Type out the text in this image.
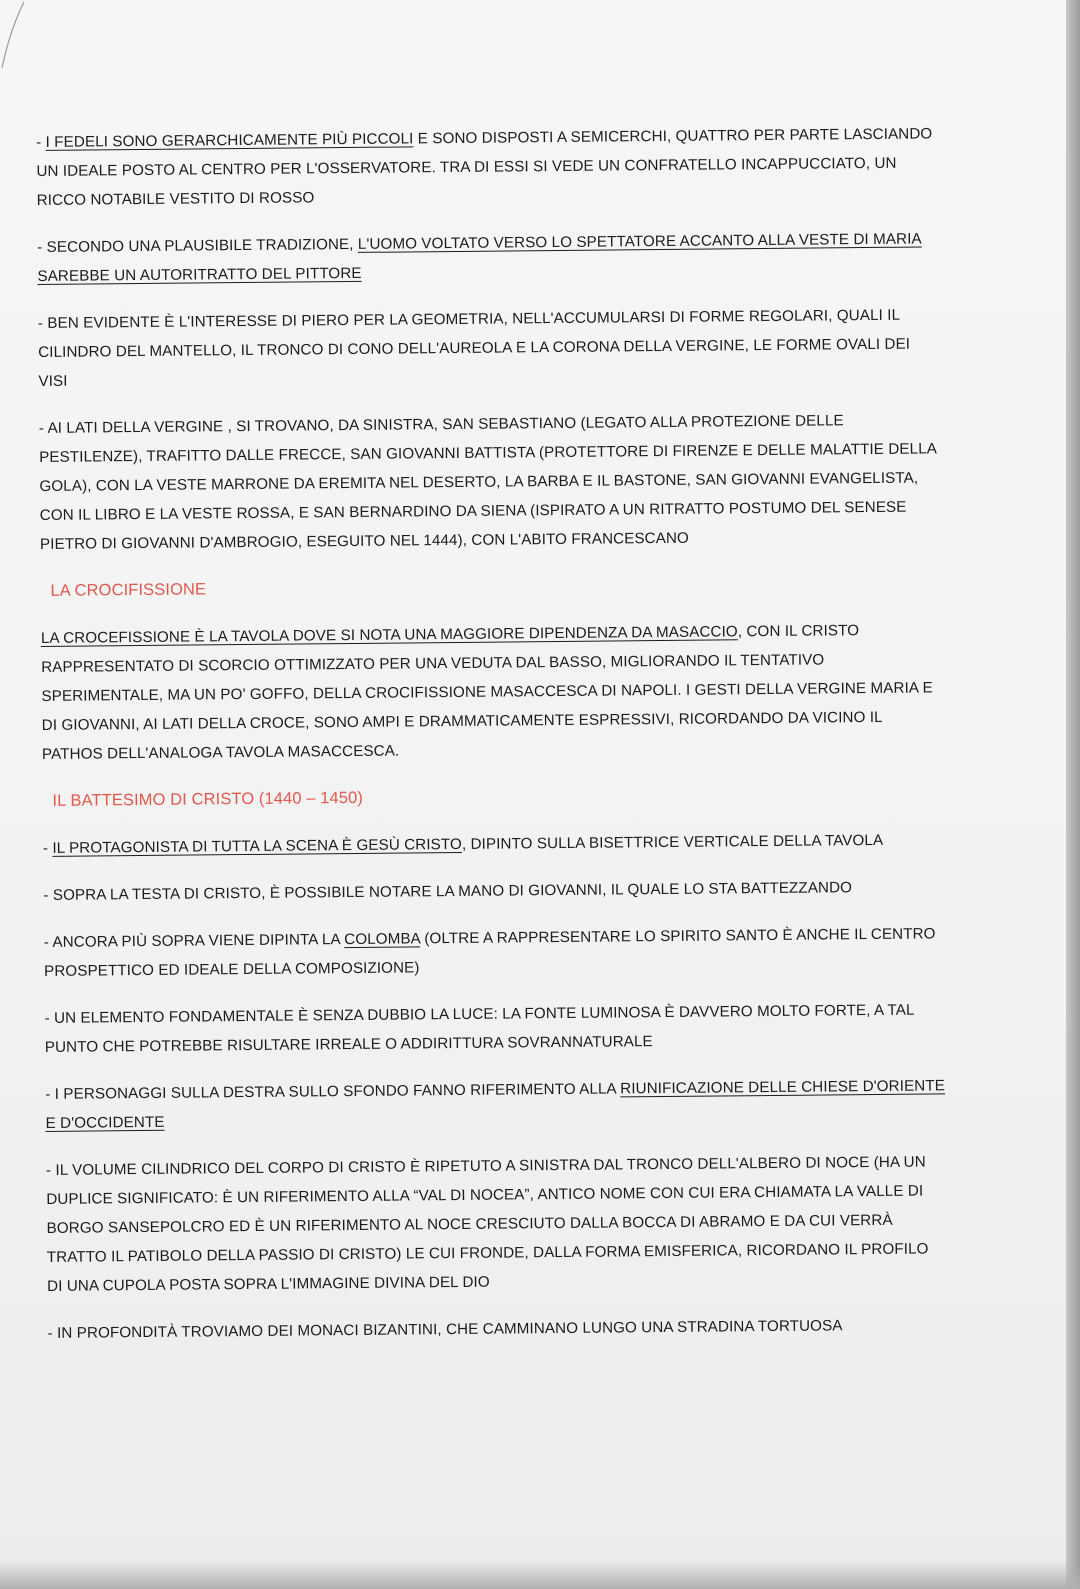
- I FEDELI SONO GERARCHICAMENTE PIÙ PICCOLI E SONO DISPOSTI A SEMICERCHI, QUATTRO PER PARTE LASCIANDO UN IDEALE POSTO AL CENTRO PER L'OSSERVATORE. TRA DI ESSI SI VEDE UN CONFRATELLO INCAPPUCCIATO, UN RICCO NOTABILE VESTITO DI ROSSO

- SECONDO UNA PLAUSIBILE TRADIZIONE, L'UOMO VOLTATO VERSO LO SPETTATORE ACCANTO ALLA VESTE DI MARIA SAREBBE UN AUTORITRATTO DEL PITTORE

- BEN EVIDENTE È L'INTERESSE DI PIERO PER LA GEOMETRIA, NELL'ACCUMULARSI DI FORME REGOLARI, QUALI IL CILINDRO DEL MANTELLO, IL TRONCO DI CONO DELL'AUREOLA E LA CORONA DELLA VERGINE, LE FORME OVALI DEI VISI

- AI LATI DELLA VERGINE , SI TROVANO, DA SINISTRA, SAN SEBASTIANO (LEGATO ALLA PROTEZIONE DELLE PESTILENZE), TRAFITTO DALLE FRECCE, SAN GIOVANNI BATTISTA (PROTETTORE DI FIRENZE E DELLE MALATTIE DELLA GOLA), CON LA VESTE MARRONE DA EREMITA NEL DESERTO, LA BARBA E IL BASTONE, SAN GIOVANNI EVANGELISTA, CON IL LIBRO E LA VESTE ROSSA, E SAN BERNARDINO DA SIENA (ISPIRATO A UN RITRATTO POSTUMO DEL SENESE PIETRO DI GIOVANNI D'AMBROGIO, ESEGUITO NEL 1444), CON L'ABITO FRANCESCANO

LA CROCIFISSIONE

LA CROCEFISSIONE È LA TAVOLA DOVE SI NOTA UNA MAGGIORE DIPENDENZA DA MASACCIO, CON IL CRISTO RAPPRESENTATO DI SCORCIO OTTIMIZZATO PER UNA VEDUTA DAL BASSO, MIGLIORANDO IL TENTATIVO SPERIMENTALE, MA UN PO' GOFFO, DELLA CROCIFISSIONE MASACCESCA DI NAPOLI. I GESTI DELLA VERGINE MARIA E DI GIOVANNI, AI LATI DELLA CROCE, SONO AMPI E DRAMMATICAMENTE ESPRESSIVI, RICORDANDO DA VICINO IL PATHOS DELL'ANALOGA TAVOLA MASACCESCA.

IL BATTESIMO DI CRISTO (1440 – 1450)

- IL PROTAGONISTA DI TUTTA LA SCENA È GESÙ CRISTO, DIPINTO SULLA BISETTRICE VERTICALE DELLA TAVOLA

- SOPRA LA TESTA DI CRISTO, È POSSIBILE NOTARE LA MANO DI GIOVANNI, IL QUALE LO STA BATTEZZANDO

- ANCORA PIÙ SOPRA VIENE DIPINTA LA COLOMBA (OLTRE A RAPPRESENTARE LO SPIRITO SANTO È ANCHE IL CENTRO PROSPETTICO ED IDEALE DELLA COMPOSIZIONE)

- UN ELEMENTO FONDAMENTALE È SENZA DUBBIO LA LUCE: LA FONTE LUMINOSA È DAVVERO MOLTO FORTE, A TAL PUNTO CHE POTREBBE RISULTARE IRREALE O ADDIRITTURA SOVRANNATURALE

- I PERSONAGGI SULLA DESTRA SULLO SFONDO FANNO RIFERIMENTO ALLA RIUNIFICAZIONE DELLE CHIESE D'ORIENTE E D'OCCIDENTE

- IL VOLUME CILINDRICO DEL CORPO DI CRISTO È RIPETUTO A SINISTRA DAL TRONCO DELL'ALBERO DI NOCE (HA UN DUPLICE SIGNIFICATO: È UN RIFERIMENTO ALLA “VAL DI NOCEA”, ANTICO NOME CON CUI ERA CHIAMATA LA VALLE DI BORGO SANSEPOLCRO ED È UN RIFERIMENTO AL NOCE CRESCIUTO DALLA BOCCA DI ABRAMO E DA CUI VERRÀ TRATTO IL PATIBOLO DELLA PASSIO DI CRISTO) LE CUI FRONDE, DALLA FORMA EMISFERICA, RICORDANO IL PROFILO DI UNA CUPOLA POSTA SOPRA L'IMMAGINE DIVINA DEL DIO

- IN PROFONDITÀ TROVIAMO DEI MONACI BIZANTINI, CHE CAMMINANO LUNGO UNA STRADINA TORTUOSA
